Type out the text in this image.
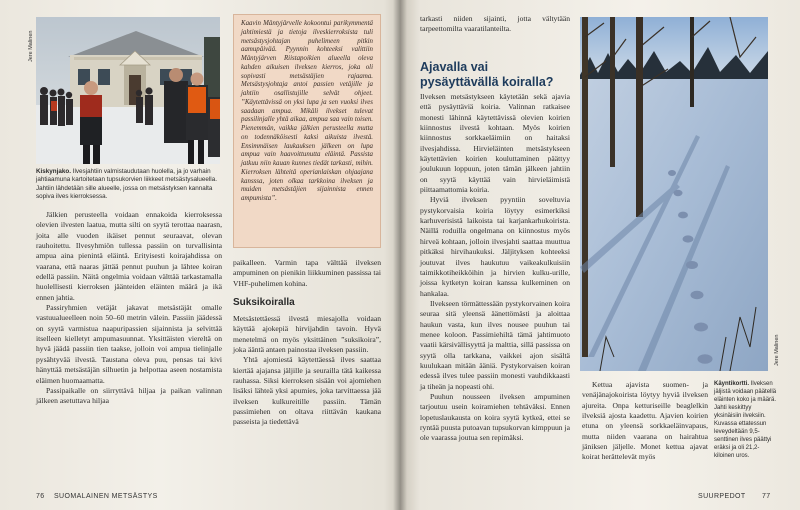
Jere Malinen
Kiskynjako. Ilves​jahtiin valmistaudutaan huolella, ja jo varhain jahtiaamuna kartoitetaan tupsukorvien liikkeet metsästysalueella. Jahtiin lähdetään sille alueelle, jossa on metsästyksen kannalta sopiva ilves kierroksessa.
Kaavin Mäntyjärvelle kokoontui parikymmentä jahtimiestä ja tietoja ilveskierroksista tuli metsästysjohtajan puhelimeen pitkin aamupäivää. Pyynnin kohteeksi valittiin Mäntyjärven Riistapoikien alueella oleva kahden aikuisen ilveksen kierros, joka oli sopivasti metsästäjien rajaama. Metsästysjohtaja antoi passien vetäjille ja jahtiin osallistujille selvät ohjeet. ”Käytettävissä on yksi lupa ja sen vuoksi ilves saadaan ampua. Mikäli ilvekset tulevat passilinjalle yhtä aikaa, ampua saa vain toisen. Pienemmän, vaikka jälkien perusteella mutta on todennäköisesti kaksi aikuista ilvestä. Ensimmäisen laukauksen jälkeen on lupa ampua vain haavoittunutta eläintä. Passista jatkuu niin kauan kunnes tiedät tarkasti, mihin. Kierroksen lähteitä operianlaiskan ohjaajana kansssa, joten olkaa tarkkoina ilveksen ja muiden metsästäjien sijainnista ennen ampumista”.

Jälkien perusteella voidaan ennakoida kierroksessa olevien ilvesten laatua, mutta silti on syytä terottaa naarasn, joita alle vuoden ikäiset pennut seuraavat, olevan rauhoitettu. Ilvesyhmiön tullessa passiin on turvallisinta ampua aina pienintä eläintä. Erityisesti koirajahdissa on vaarana, että naaras jättää pennut puuhun ja lähtee koiran edellä passiin. Näitä ongelmia voidaan välttää tarkastamalla huolellisesti kierroksen jäänteiden eläinten määrä ja ikä ennen jahtia.

Passiryhmien vetäjät jakavat metsästäjät omalle vastuualueelleen noin 50–60 metrin välein. Passiin jäädessä on syytä varmistua naapuripassien sijainnista ja selvittää itselleen kielletyt ampumasuunnat. Yksittäisten viereltä on hyvä jäädä passiin tien taakse, jolloin voi ampua tielinjalle pysähtyvää ilvestä. Taustana oleva puu, pensas tai kivi hänyttää metsästäjän silhuetin ja helpottaa aseen nostamista eläimen huomaamatta.

Passipaikalle on siirryttävä hiljaa ja paikan valinnan jälkeen asetuttava hiljaa

paikalleen. Varmin tapa välttää ilveksen ampuminen on pienikin liikkuminen passissa tai VHF-puhelimen kohina.

Suksikoiralla

Metsästettäessä ilvestä miesajolla voidaan käyttää ajokepiä hirvijahdin tavoin. Hyvä menetelmä on myös yksittäinen ”suksikoira”, joka ääntä antaen painostaa ilveksen passiin.

Yhtä ajomiestä käytettäessä ilves saattaa kiertää ajajansa jäljille ja seurailla tätä kaikessa rauhassa. Siksi kierroksen sisään voi ajomiehen lisäksi lähteä yksi apumies, joka tarvittaessa jää ilveksen kulkureitille passiin. Tämän passimiehen on oltava riittävän kaukana passeista ja tiedettävä

76 SUOMALAINEN METSÄSTYS

tarkasti niiden sijainti, jotta vältytään tarpeettomilta vaaratilanteilta.

Ajavalla vai pysäyttävällä koiralla?

Ilveksen metsästykseen käytetään sekä ajavia että pysäyttäviä koiria. Valinnan ratkaisee monesti lähinnä käytettävissä olevien koirien kiinnostus ilvestä kohtaan. Myös koirien kiinnostus sorkkaeläimiin on haitaksi ilvesjahdissa. Hirvieläinten metsästykseen käytettävien koirien kouluttaminen päättyy joulukuun loppuun, joten tämän jälkeen jahtiin on syytä käyttää vain hirvieläimistä piittaamattomia koiria.

Hyviä ilveksen pyyntiin soveltuvia pystykorvaisia koiria löytyy esimerkiksi karhuverisistä laikoista tai karjankarhukoirista. Näillä roduilla ongelmana on kiinnostus myös hirveä kohtaan, jolloin ilvesjahti saattaa muuttua pitkäksi hirvihaukuksi. Jäljityksen kohteeksi joutuvat ilves haukutuu vaikeakulkuisiin taimikkotiheikköihin ja hirvien kulku-urille, joissa kytketyn koiran kanssa kulkeminen on hankalaa.

Ilvekseen törmättessään pystykorvainen koira seuraa sitä yleensä äänettömästi ja aloittaa haukun vasta, kun ilves nousee puuhun tai menee koloon. Passimiehiltä tämä jahtimuoto vaatii kärsivällisyyttä ja malttia, sillä passissa on syytä olla tarkkana, vaikkei ajon sisältä kuulukaan mitään ääniä. Pystykorvaisen koiran edessä ilves tulee passiin monesti vauhdikkaasti ja tiheän ja nopeasti ohi.

Puuhun nousseen ilveksen ampuminen tarjoutuu usein koiramiehen tehtäväksi. Ennen lopetuslaukausta on koira syytä kytkeä, ettei se ryntää puusta putoavan tupsukorvan kimppuun ja ole vaarassa joutua sen repimäksi.

Jere Malinen
Käyntikortti. Ilveksen jäljistä voidaan päätellä eläinten koko ja määrä. Jahti keskittyy yksinäisiin ilveksiin. Kuvassa ettatessun leveydeltään 9,5-senttinen ilves päättyi eräksi ja oli 21,2-kiloinen uros.

Kettua ajavista suomen- ja venäjänajokoirista löytyy hyviä ilveksen ajureita. Onpa ketturiseille beaglelkin ilveksiä ajosta kaadettu. Ajavien koirien etuna on yleensä sorkkaeläinvapaus, mutta niiden vaarana on hairahtua jäniksen jäljelle. Monet kettua ajavat koirat herättelevät myös

SUURPEDOT 77
